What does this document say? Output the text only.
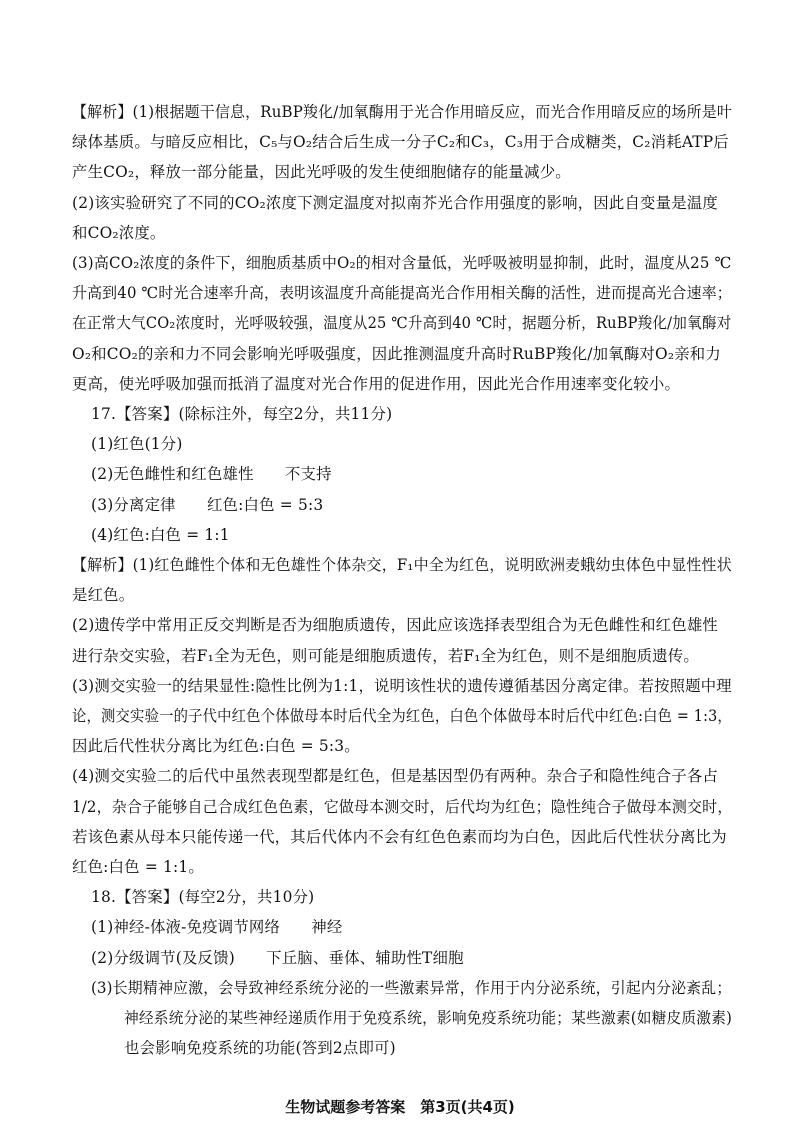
【解析】(1)根据题干信息，RuBP羧化/加氧酶用于光合作用暗反应，而光合作用暗反应的场所是叶
绿体基质。与暗反应相比，C₅与O₂结合后生成一分子C₂和C₃，C₃用于合成糖类，C₂消耗ATP后
产生CO₂，释放一部分能量，因此光呼吸的发生使细胞储存的能量减少。
(2)该实验研究了不同的CO₂浓度下测定温度对拟南芥光合作用强度的影响，因此自变量是温度
和CO₂浓度。
(3)高CO₂浓度的条件下，细胞质基质中O₂的相对含量低，光呼吸被明显抑制，此时，温度从25 ℃
升高到40 ℃时光合速率升高，表明该温度升高能提高光合作用相关酶的活性，进而提高光合速率；
在正常大气CO₂浓度时，光呼吸较强，温度从25 ℃升高到40 ℃时，据题分析，RuBP羧化/加氧酶对
O₂和CO₂的亲和力不同会影响光呼吸强度，因此推测温度升高时RuBP羧化/加氧酶对O₂亲和力
更高，使光呼吸加强而抵消了温度对光合作用的促进作用，因此光合作用速率变化较小。
17.【答案】(除标注外，每空2分，共11分)
(1)红色(1分)
(2)无色雌性和红色雄性　　不支持
(3)分离定律　　红色:白色 = 5:3
(4)红色:白色 = 1:1
【解析】(1)红色雌性个体和无色雄性个体杂交，F₁中全为红色，说明欧洲麦蛾幼虫体色中显性性状
是红色。
(2)遗传学中常用正反交判断是否为细胞质遗传，因此应该选择表型组合为无色雌性和红色雄性
进行杂交实验，若F₁全为无色，则可能是细胞质遗传，若F₁全为红色，则不是细胞质遗传。
(3)测交实验一的结果显性:隐性比例为1:1，说明该性状的遗传遵循基因分离定律。若按照题中理
论，测交实验一的子代中红色个体做母本时后代全为红色，白色个体做母本时后代中红色:白色 = 1:3，
因此后代性状分离比为红色:白色 = 5:3。
(4)测交实验二的后代中虽然表现型都是红色，但是基因型仍有两种。杂合子和隐性纯合子各占
1/2，杂合子能够自己合成红色色素，它做母本测交时，后代均为红色；隐性纯合子做母本测交时，
若该色素从母本只能传递一代，其后代体内不会有红色色素而均为白色，因此后代性状分离比为
红色:白色 = 1:1。
18.【答案】(每空2分，共10分)
(1)神经-体液-免疫调节网络　　神经
(2)分级调节(及反馈)　　下丘脑、垂体、辅助性T细胞
(3)长期精神应激，会导致神经系统分泌的一些激素异常，作用于内分泌系统，引起内分泌紊乱；
神经系统分泌的某些神经递质作用于免疫系统，影响免疫系统功能；某些激素(如糖皮质激素)
也会影响免疫系统的功能(答到2点即可)
生物试题参考答案　第3页(共4页)
